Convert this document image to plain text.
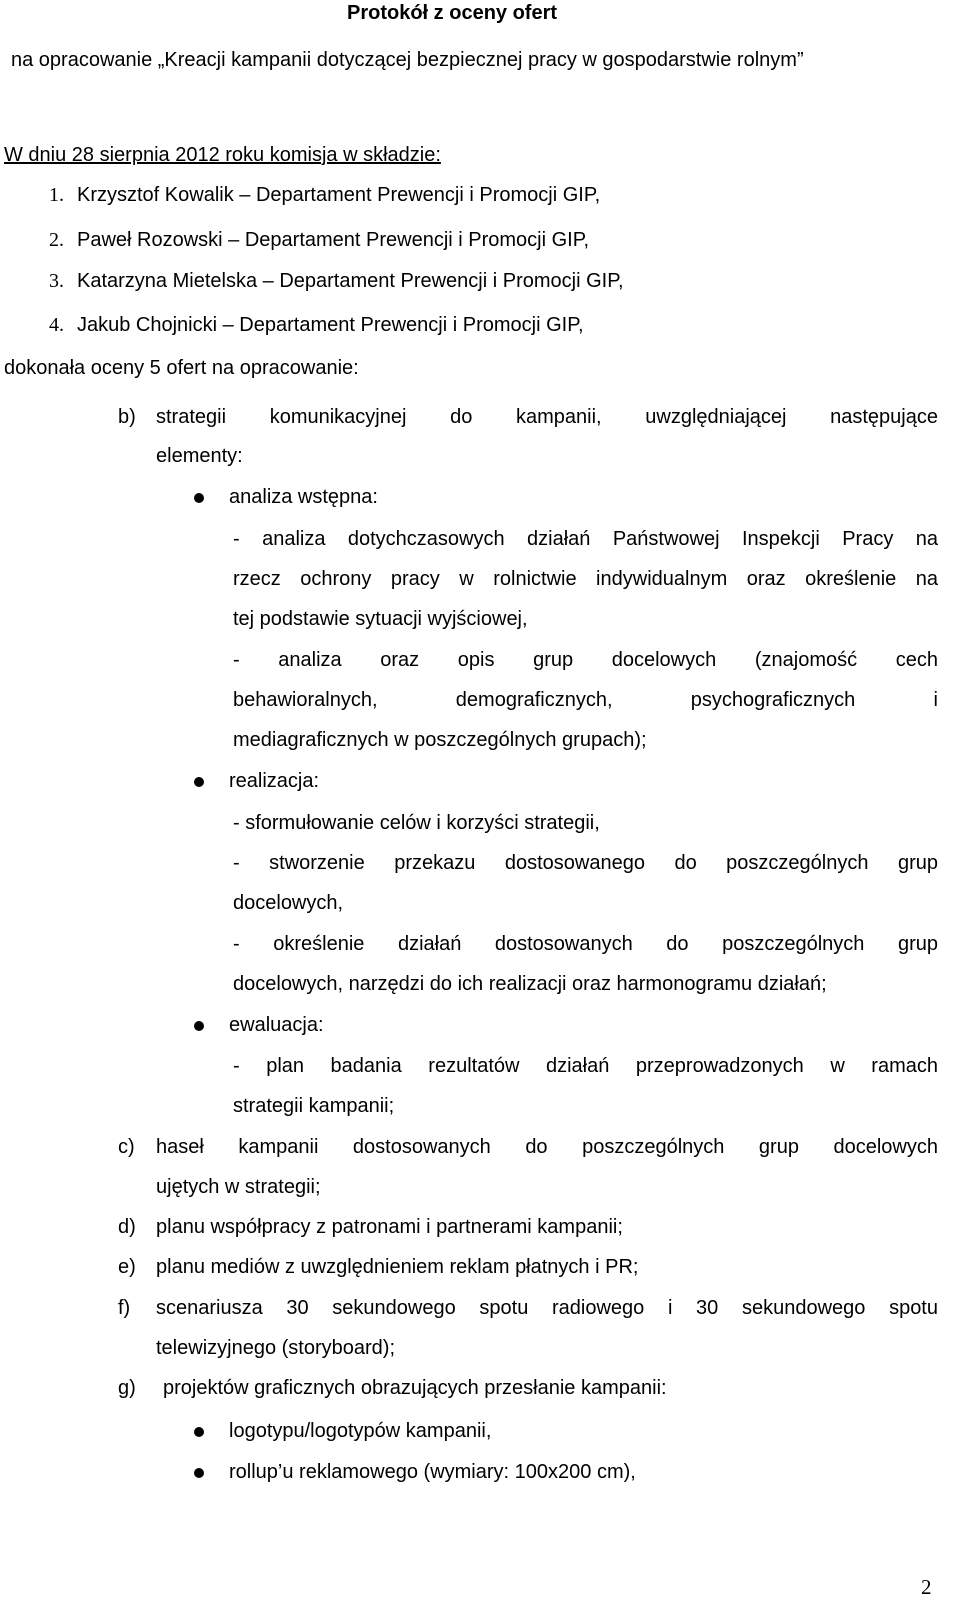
Protokół z oceny ofert
na opracowanie „Kreacji kampanii dotyczącej bezpiecznej pracy w gospodarstwie rolnym”
W dniu 28 sierpnia 2012 roku komisja w składzie:
1. Krzysztof Kowalik – Departament Prewencji i Promocji GIP,
2. Paweł Rozowski – Departament Prewencji i Promocji GIP,
3. Katarzyna Mietelska – Departament Prewencji i Promocji GIP,
4. Jakub Chojnicki – Departament Prewencji i Promocji GIP,
dokonała oceny 5 ofert na opracowanie:
b) strategii komunikacyjnej do kampanii, uwzględniającej następujące
elementy:
analiza wstępna:
- analiza dotychczasowych działań Państwowej Inspekcji Pracy na
rzecz ochrony pracy w rolnictwie indywidualnym oraz określenie na
tej podstawie sytuacji wyjściowej,
- analiza oraz opis grup docelowych (znajomość cech
behawioralnych, demograficznych, psychograficznych i
mediagraficznych w poszczególnych grupach);
realizacja:
- sformułowanie celów i korzyści strategii,
- stworzenie przekazu dostosowanego do poszczególnych grup
docelowych,
- określenie działań dostosowanych do poszczególnych grup
docelowych, narzędzi do ich realizacji oraz harmonogramu działań;
ewaluacja:
- plan badania rezultatów działań przeprowadzonych w ramach
strategii kampanii;
c) haseł kampanii dostosowanych do poszczególnych grup docelowych
ujętych w strategii;
d) planu współpracy z patronami i partnerami kampanii;
e) planu mediów z uwzględnieniem reklam płatnych i PR;
f) scenariusza 30 sekundowego spotu radiowego i 30 sekundowego spotu
telewizyjnego (storyboard);
g) projektów graficznych obrazujących przesłanie kampanii:
logotypu/logotypów kampanii,
rollup’u reklamowego (wymiary: 100x200 cm),
2
